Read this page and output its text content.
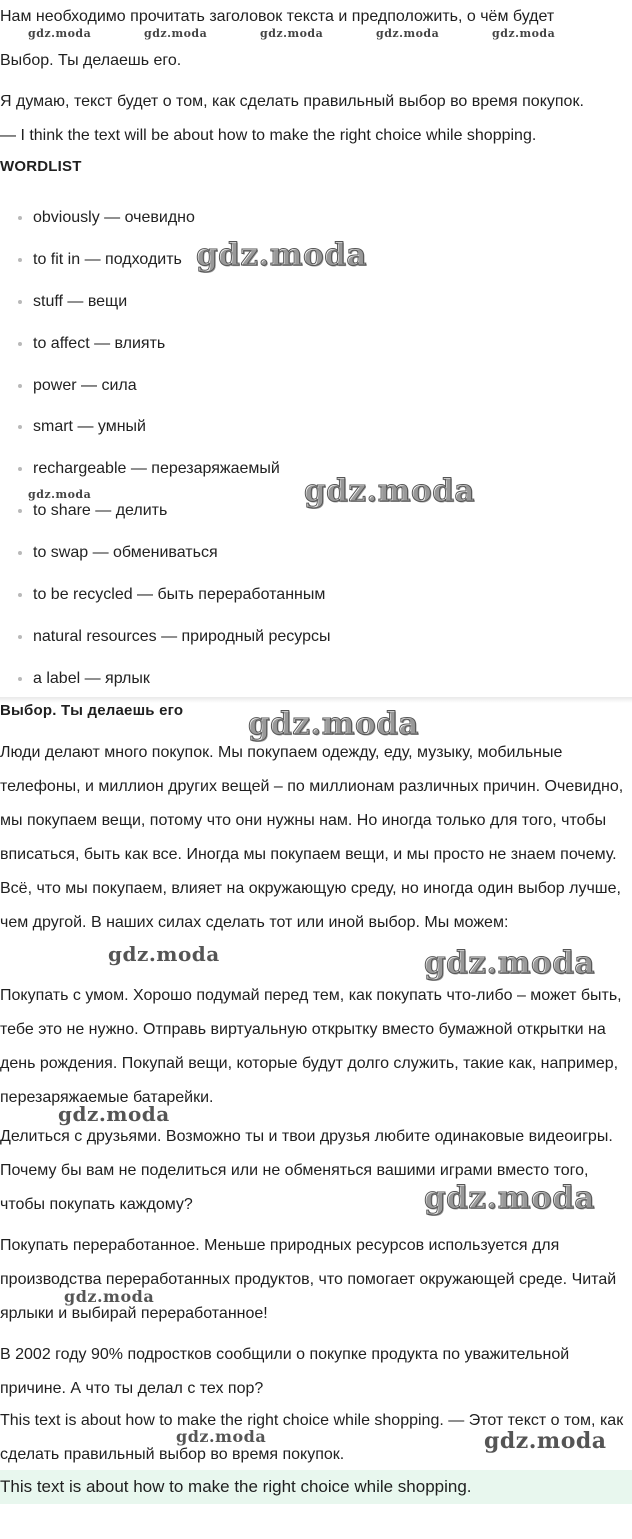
Нам необходимо прочитать заголовок текста и предположить, о чём будет
Выбор. Ты делаешь его.
Я думаю, текст будет о том, как сделать правильный выбор во время покупок.
— I think the text will be about how to make the right choice while shopping.
WORDLIST
obviously — очевидно
to fit in — подходить
stuff — вещи
to affect — влиять
power — сила
smart — умный
rechargeable — перезаряжаемый
to share — делить
to swap — обмениваться
to be recycled — быть переработанным
natural resources — природный ресурсы
a label — ярлык
Выбор. Ты делаешь его
Люди делают много покупок. Мы покупаем одежду, еду, музыку, мобильные телефоны, и миллион других вещей – по миллионам различных причин. Очевидно, мы покупаем вещи, потому что они нужны нам. Но иногда только для того, чтобы вписаться, быть как все. Иногда мы покупаем вещи, и мы просто не знаем почему. Всё, что мы покупаем, влияет на окружающую среду, но иногда один выбор лучше, чем другой. В наших силах сделать тот или иной выбор. Мы можем:
Покупать с умом. Хорошо подумай перед тем, как покупать что-либо – может быть, тебе это не нужно. Отправь виртуальную открытку вместо бумажной открытки на день рождения. Покупай вещи, которые будут долго служить, такие как, например, перезаряжаемые батарейки.
Делиться с друзьями. Возможно ты и твои друзья любите одинаковые видеоигры. Почему бы вам не поделиться или не обменяться вашими играми вместо того, чтобы покупать каждому?
Покупать переработанное. Меньше природных ресурсов используется для производства переработанных продуктов, что помогает окружающей среде. Читай ярлыки и выбирай переработанное!
В 2002 году 90% подростков сообщили о покупке продукта по уважительной причине. А что ты делал с тех пор?
This text is about how to make the right choice while shopping. — Этот текст о том, как сделать правильный выбор во время покупок.
This text is about how to make the right choice while shopping.
gdz.moda	gdz.moda	gdz.moda	gdz.moda	gdz.moda
gdz.moda
gdz.moda	gdz.moda
gdz.moda
gdz.moda	gdz.moda
gdz.moda
gdz.moda
gdz.moda
gdz.moda	gdz.moda
